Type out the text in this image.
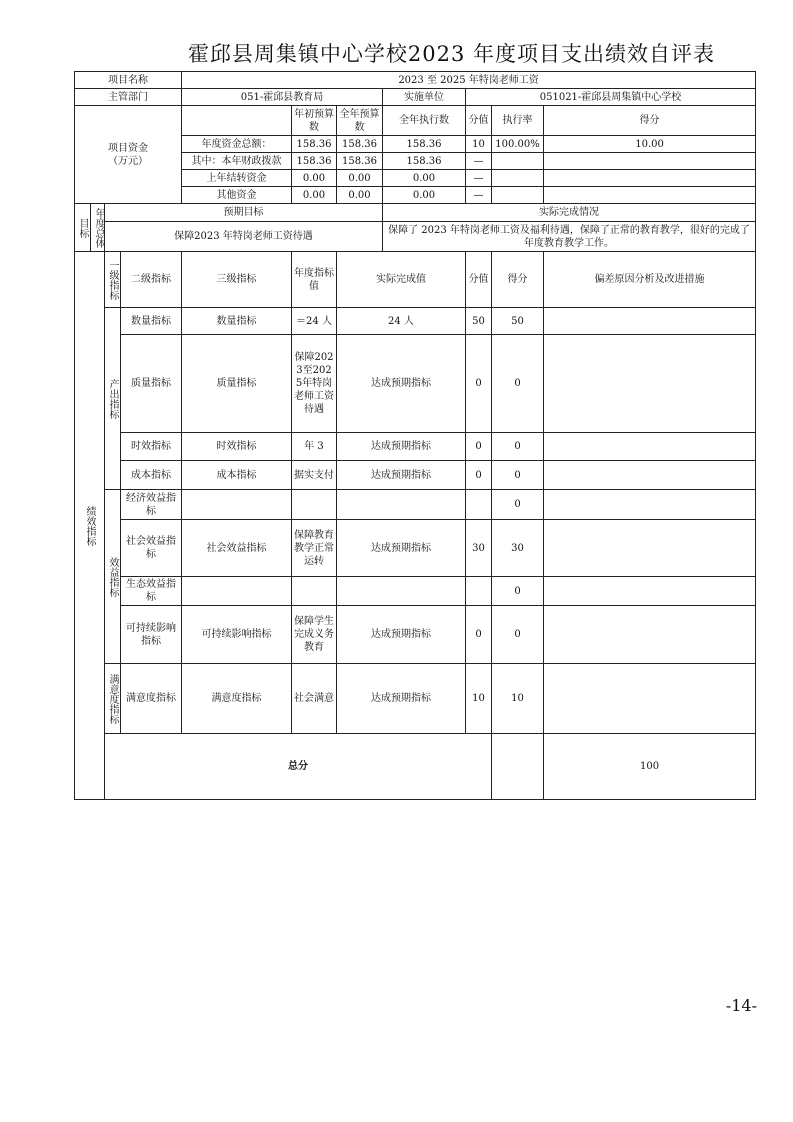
霍邱县周集镇中心学校2023 年度项目支出绩效自评表
项目名称				2023 至 2025 年特岗老师工资							
主管部门				051-霍邱县教育局			实施单位	051021-霍邱县周集镇中心学校			
项目资金
（万元）					年初预算数	全年预算数	全年执行数	分值	执行率	得分	
				年度资金总额：	158.36	158.36	158.36	10	100.00%	10.00	
				其中：本年财政拨款	158.36	158.36	158.36	—			
				上年结转资金	0.00	0.00	0.00	—			
				其他资金	0.00	0.00	0.00	—			

目标	年度总体	预期目标					实际完成情况				
		保障2023 年特岗老师工资待遇					保障了 2023 年特岗老师工资及福利待遇，保障了正常的教育教学，很好的完成了年度教育教学工作。				

绩效指标		一级指标	二级指标	三级指标	年度指标值	实际完成值		分值	得分	偏差原因分析及改进措施	

		产出指标	数量指标	数量指标	＝24 人	24 人		50	50		
			质量指标	质量指标	保障2023至2025年特岗老师工资待遇	达成预期指标		0	0		
			时效指标	时效指标	年 3	达成预期指标		0	0		
			成本指标	成本指标	据实支付	达成预期指标		0	0		

		效益指标	经济效益指标						0		
			社会效益指标	社会效益指标	保障教育教学正常运转	达成预期指标		30	30		
			生态效益指标						0		
			可持续影响指标	可持续影响指标	保障学生完成义务教育	达成预期指标		0	0		

		满意度指标	满意度指标	满意度指标	社会满意	达成预期指标		10	10		
		总分								100		
-14-
